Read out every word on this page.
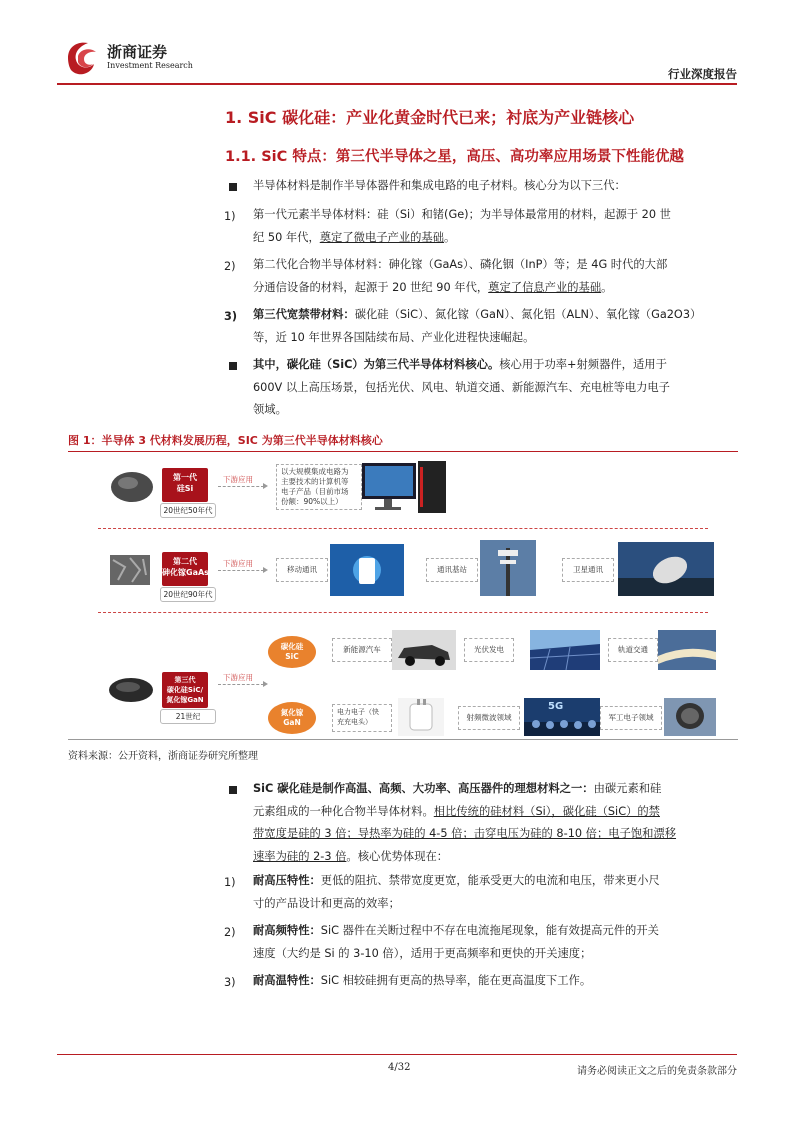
浙商证券
Investment Research
行业深度报告
1. SiC 碳化硅：产业化黄金时代已来；衬底为产业链核心
1.1. SiC 特点：第三代半导体之星，高压、高功率应用场景下性能优越
半导体材料是制作半导体器件和集成电路的电子材料。核心分为以下三代：
1) 第一代元素半导体材料：硅（Si）和锗(Ge)；为半导体最常用的材料，起源于 20 世
纪 50 年代，奠定了微电子产业的基础。
2) 第二代化合物半导体材料：砷化镓（GaAs）、磷化铟（InP）等；是 4G 时代的大部
分通信设备的材料，起源于 20 世纪 90 年代，奠定了信息产业的基础。
3) 第三代宽禁带材料：碳化硅（SiC）、氮化镓（GaN）、氮化铝（ALN）、氧化镓（Ga2O3）
等，近 10 年世界各国陆续布局、产业化进程快速崛起。
其中，碳化硅（SiC）为第三代半导体材料核心。核心用于功率+射频器件，适用于
600V 以上高压场景，包括光伏、风电、轨道交通、新能源汽车、充电桩等电力电子
领域。
图 1：半导体 3 代材料发展历程，SIC 为第三代半导体材料核心
第一代
硅Si
20世纪50年代
下游应用
以大规模集成电路为
主要技术的计算机等
电子产品（目前市场
份额：90%以上）
第二代
砷化镓GaAs
20世纪90年代
下游应用
移动通讯	通讯基站	卫星通讯
第三代
碳化硅SiC/
氮化镓GaN
21世纪
下游应用
碳化硅
SiC
氮化镓
GaN
新能源汽车	光伏发电	轨道交通
电力电子（快
充充电头）	射频微波领域
5G
军工电子领域
资料来源：公开资料，浙商证券研究所整理
SiC 碳化硅是制作高温、高频、大功率、高压器件的理想材料之一：由碳元素和硅
元素组成的一种化合物半导体材料。相比传统的硅材料（Si），碳化硅（SiC）的禁
带宽度是硅的 3 倍；导热率为硅的 4-5 倍；击穿电压为硅的 8-10 倍；电子饱和漂移
速率为硅的 2-3 倍。核心优势体现在：
1) 耐高压特性：更低的阻抗、禁带宽度更宽，能承受更大的电流和电压，带来更小尺
寸的产品设计和更高的效率；
2) 耐高频特性：SiC 器件在关断过程中不存在电流拖尾现象，能有效提高元件的开关
速度（大约是 Si 的 3-10 倍），适用于更高频率和更快的开关速度；
3) 耐高温特性：SiC 相较硅拥有更高的热导率，能在更高温度下工作。
4/32	请务必阅读正文之后的免责条款部分
